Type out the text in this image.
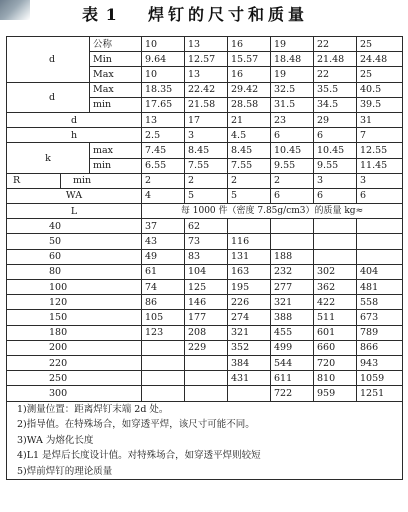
表 1 焊钉的尺寸和质量
d		公称	10	13	16	19	22	25
		Min	9.64	12.57	15.57	18.48	21.48	24.48
		Max	10	13	16	19	22	25
d		Max	18.35	22.42	29.42	32.5	35.5	40.5
		min	17.65	21.58	28.58	31.5	34.5	39.5
d			13	17	21	23	29	31
h			2.5	3	4.5	6	6	7
k		max	7.45	8.45	8.45	10.45	10.45	12.55
		min	6.55	7.55	7.55	9.55	9.55	11.45
R	min		2	2	2	2	3	3
WA			4	5	5	6	6	6
L			每 1000 件（密度 7.85g/cm3）的质量 kg≈					
40			37	62				
50			43	73	116			
60			49	83	131	188		
80			61	104	163	232	302	404
100			74	125	195	277	362	481
120			86	146	226	321	422	558
150			105	177	274	388	511	673
180			123	208	321	455	601	789
200				229	352	499	660	866
220					384	544	720	943
250					431	611	810	1059
300						722	959	1251
1)测量位置：距离焊钉末端 2d 处。								
2)指导值。在特殊场合，如穿透平焊，该尺寸可能不同。								
3)WA 为熔化长度								
4)L1 是焊后长度设计值。对特殊场合，如穿透平焊则较短								
5)焊前焊钉的理论质量								
